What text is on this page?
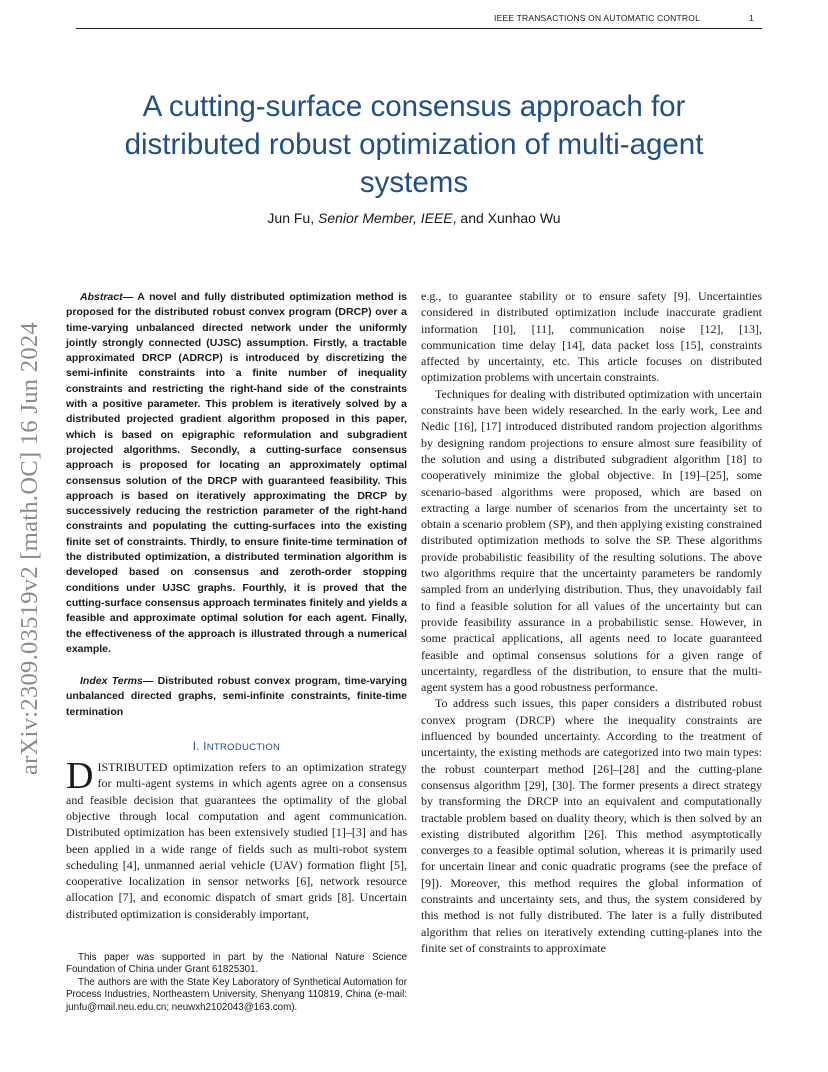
IEEE TRANSACTIONS ON AUTOMATIC CONTROL	1
A cutting-surface consensus approach for distributed robust optimization of multi-agent systems
Jun Fu, Senior Member, IEEE, and Xunhao Wu
arXiv:2309.03519v2 [math.OC] 16 Jun 2024

Abstract— A novel and fully distributed optimization method is proposed for the distributed robust convex program (DRCP) over a time-varying unbalanced directed network under the uniformly jointly strongly connected (UJSC) assumption. Firstly, a tractable approximated DRCP (ADRCP) is introduced by discretizing the semi-infinite constraints into a finite number of inequality constraints and restricting the right-hand side of the constraints with a positive parameter. This problem is iteratively solved by a distributed projected gradient algorithm proposed in this paper, which is based on epigraphic reformulation and subgradient projected algorithms. Secondly, a cutting-surface consensus approach is proposed for locating an approximately optimal consensus solution of the DRCP with guaranteed feasibility. This approach is based on iteratively approximating the DRCP by successively reducing the restriction parameter of the right-hand constraints and populating the cutting-surfaces into the existing finite set of constraints. Thirdly, to ensure finite-time termination of the distributed optimization, a distributed termination algorithm is developed based on consensus and zeroth-order stopping conditions under UJSC graphs. Fourthly, it is proved that the cutting-surface consensus approach terminates finitely and yields a feasible and approximate optimal solution for each agent. Finally, the effectiveness of the approach is illustrated through a numerical example.

Index Terms— Distributed robust convex program, time-varying unbalanced directed graphs, semi-infinite constraints, finite-time termination

I. INTRODUCTION

DISTRIBUTED optimization refers to an optimization strategy for multi-agent systems in which agents agree on a consensus and feasible decision that guarantees the optimality of the global objective through local computation and agent communication. Distributed optimization has been extensively studied [1]–[3] and has been applied in a wide range of fields such as multi-robot system scheduling [4], unmanned aerial vehicle (UAV) formation flight [5], cooperative localization in sensor networks [6], network resource allocation [7], and economic dispatch of smart grids [8]. Uncertain distributed optimization is considerably important,

This paper was supported in part by the National Nature Science Foundation of China under Grant 61825301.

The authors are with the State Key Laboratory of Synthetical Automation for Process Industries, Northeastern University, Shenyang 110819, China (e-mail: junfu@mail.neu.edu.cn; neuwxh2102043@163.com).

e.g., to guarantee stability or to ensure safety [9]. Uncertainties considered in distributed optimization include inaccurate gradient information [10], [11], communication noise [12], [13], communication time delay [14], data packet loss [15], constraints affected by uncertainty, etc. This article focuses on distributed optimization problems with uncertain constraints.

Techniques for dealing with distributed optimization with uncertain constraints have been widely researched. In the early work, Lee and Nedic [16], [17] introduced distributed random projection algorithms by designing random projections to ensure almost sure feasibility of the solution and using a distributed subgradient algorithm [18] to cooperatively minimize the global objective. In [19]–[25], some scenario-based algorithms were proposed, which are based on extracting a large number of scenarios from the uncertainty set to obtain a scenario problem (SP), and then applying existing constrained distributed optimization methods to solve the SP. These algorithms provide probabilistic feasibility of the resulting solutions. The above two algorithms require that the uncertainty parameters be randomly sampled from an underlying distribution. Thus, they unavoidably fail to find a feasible solution for all values of the uncertainty but can provide feasibility assurance in a probabilistic sense. However, in some practical applications, all agents need to locate guaranteed feasible and optimal consensus solutions for a given range of uncertainty, regardless of the distribution, to ensure that the multi-agent system has a good robustness performance.

To address such issues, this paper considers a distributed robust convex program (DRCP) where the inequality constraints are influenced by bounded uncertainty. According to the treatment of uncertainty, the existing methods are categorized into two main types: the robust counterpart method [26]–[28] and the cutting-plane consensus algorithm [29], [30]. The former presents a direct strategy by transforming the DRCP into an equivalent and computationally tractable problem based on duality theory, which is then solved by an existing distributed algorithm [26]. This method asymptotically converges to a feasible optimal solution, whereas it is primarily used for uncertain linear and conic quadratic programs (see the preface of [9]). Moreover, this method requires the global information of constraints and uncertainty sets, and thus, the system considered by this method is not fully distributed. The later is a fully distributed algorithm that relies on iteratively extending cutting-planes into the finite set of constraints to approximate
